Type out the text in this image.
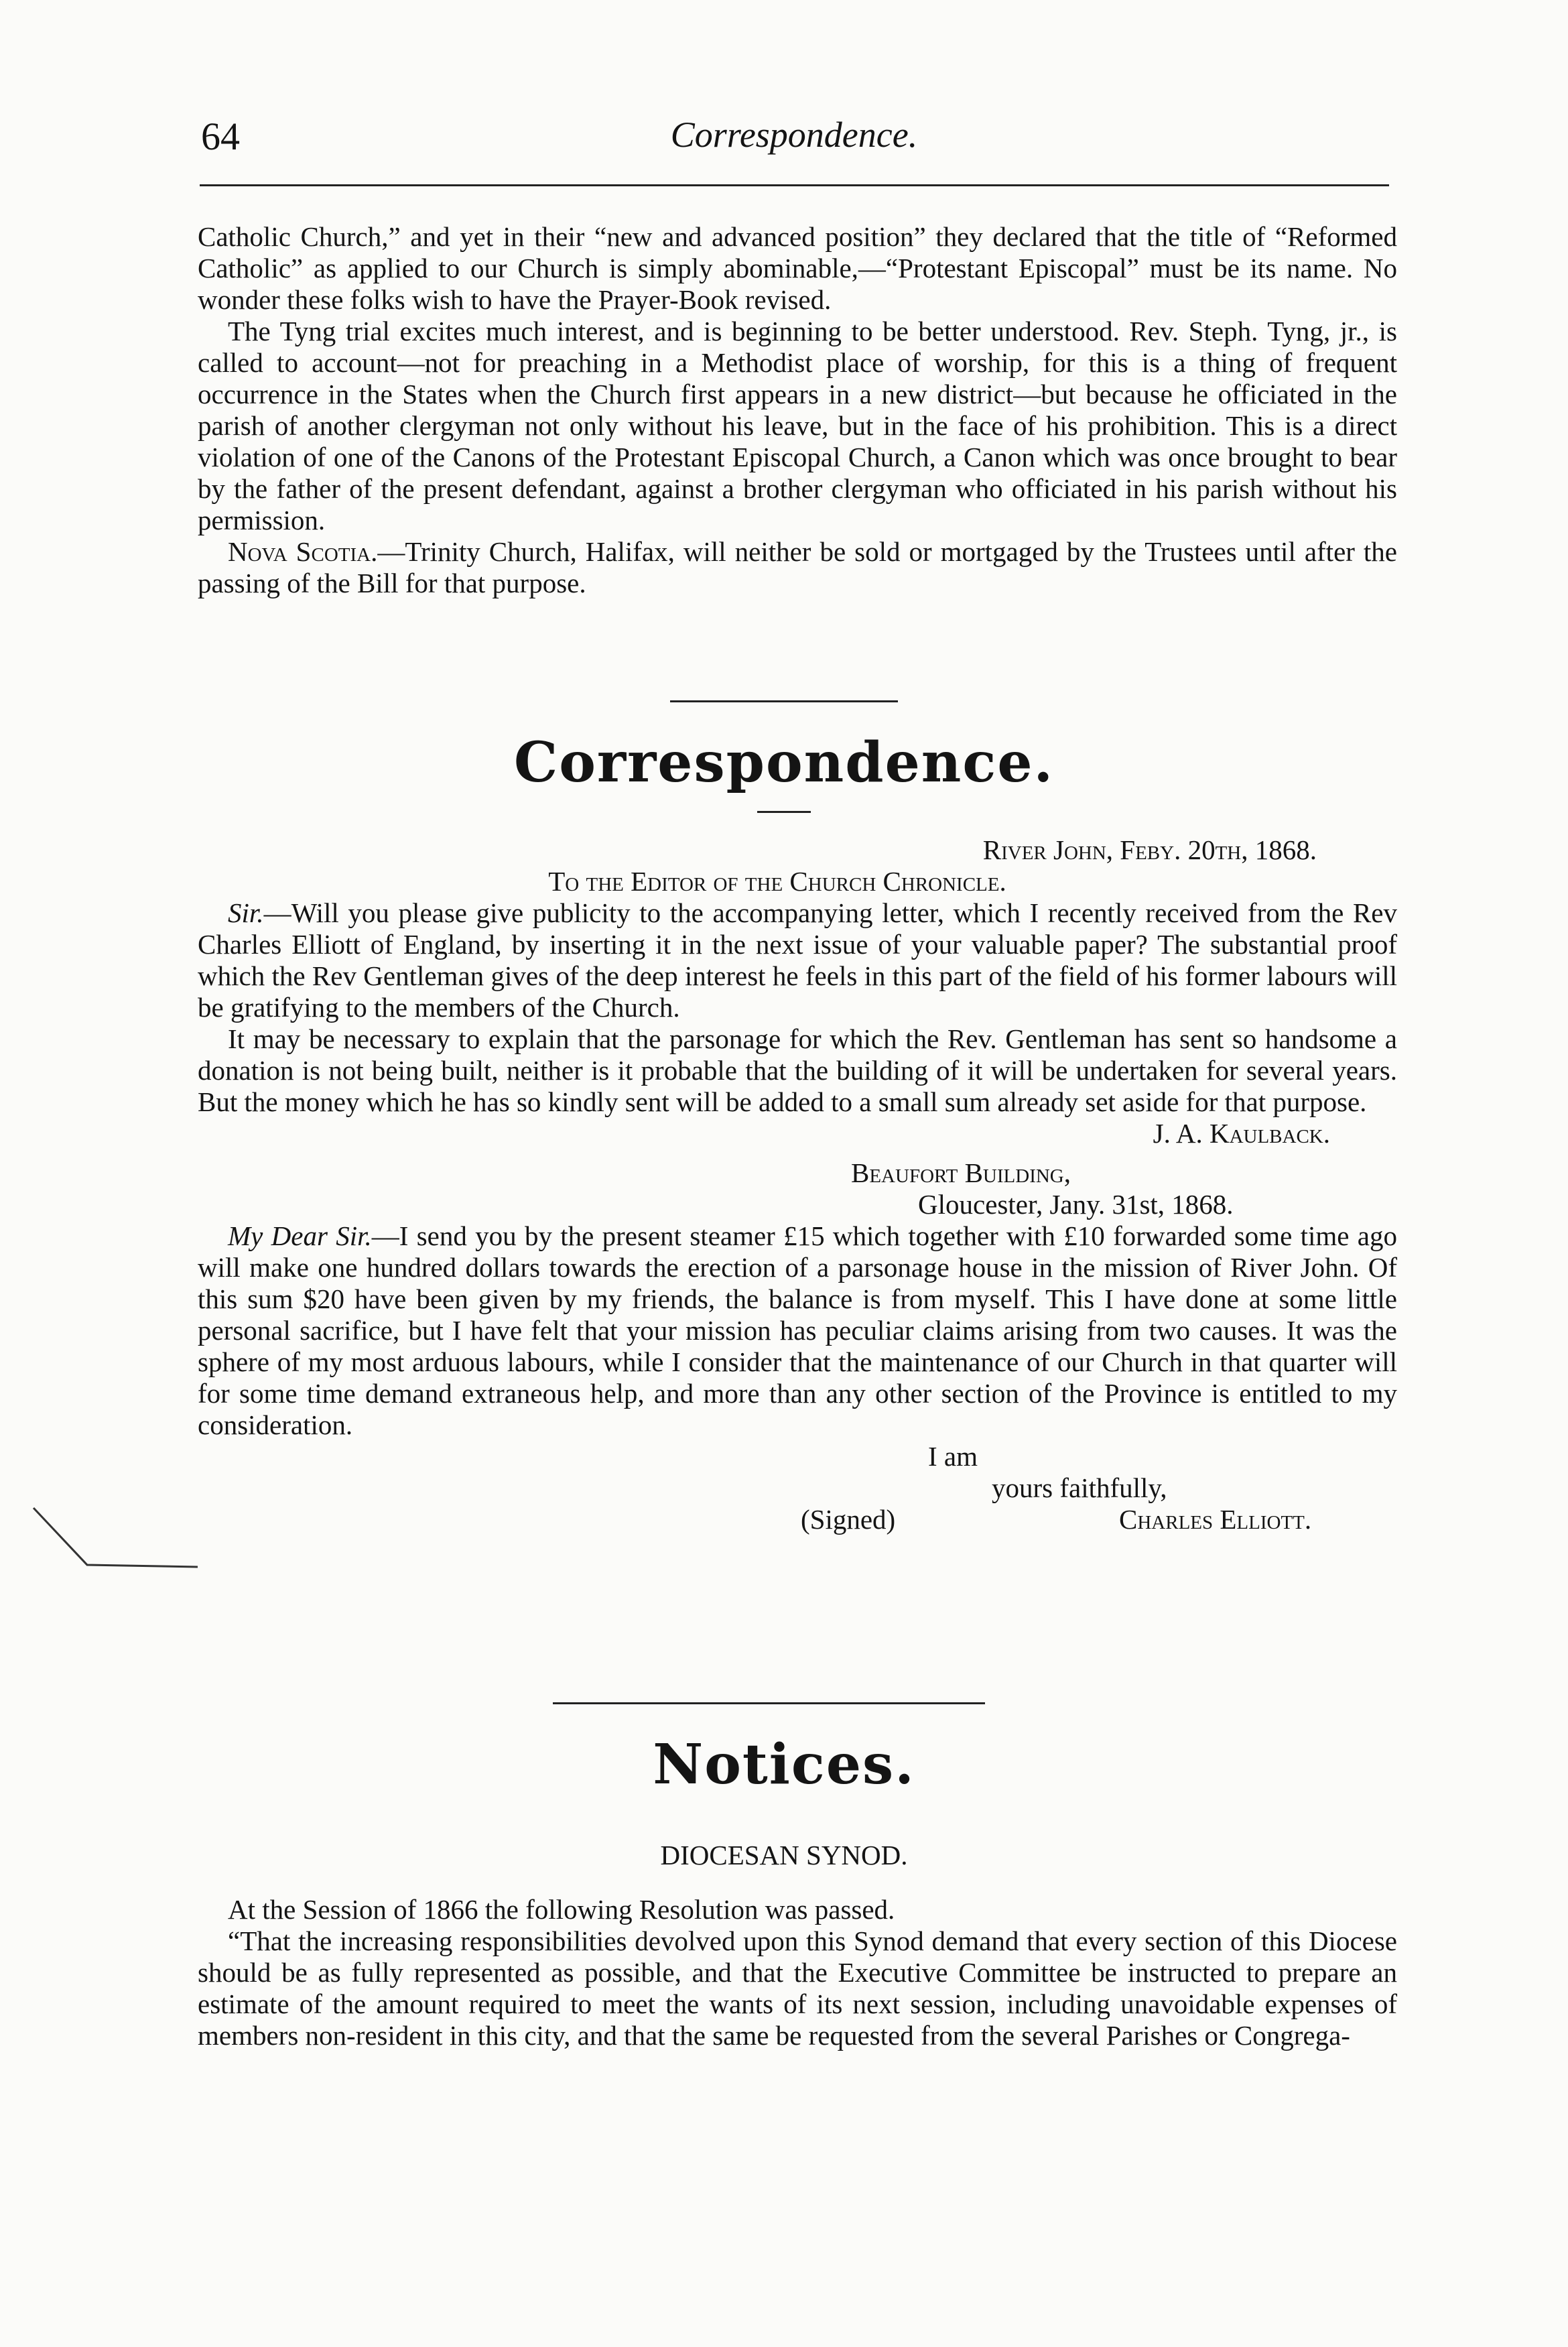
64	Correspondence.

Catholic Church,” and yet in their “new and advanced position” they declared that the title of “Reformed Catholic” as applied to our Church is simply abominable,—“Protestant Episcopal” must be its name. No wonder these folks wish to have the Prayer-Book revised.

The Tyng trial excites much interest, and is beginning to be better understood. Rev. Steph. Tyng, jr., is called to account—not for preaching in a Methodist place of worship, for this is a thing of frequent occurrence in the States when the Church first appears in a new district—but because he officiated in the parish of another clergyman not only without his leave, but in the face of his prohibition. This is a direct violation of one of the Canons of the Protestant Episcopal Church, a Canon which was once brought to bear by the father of the present defendant, against a brother clergyman who officiated in his parish without his permission.

Nova Scotia.—Trinity Church, Halifax, will neither be sold or mortgaged by the Trustees until after the passing of the Bill for that purpose.

Correspondence.

River John, Feby. 20th, 1868.

To the Editor of the Church Chronicle.

Sir.—Will you please give publicity to the accompanying letter, which I recently received from the Rev Charles Elliott of England, by inserting it in the next issue of your valuable paper? The substantial proof which the Rev Gentleman gives of the deep interest he feels in this part of the field of his former labours will be gratifying to the members of the Church.

It may be necessary to explain that the parsonage for which the Rev. Gentleman has sent so handsome a donation is not being built, neither is it probable that the building of it will be undertaken for several years. But the money which he has so kindly sent will be added to a small sum already set aside for that purpose.

J. A. Kaulback.

Beaufort Building,

Gloucester, Jany. 31st, 1868.

My Dear Sir.—I send you by the present steamer £15 which together with £10 forwarded some time ago will make one hundred dollars towards the erection of a parsonage house in the mission of River John. Of this sum $20 have been given by my friends, the balance is from myself. This I have done at some little personal sacrifice, but I have felt that your mission has peculiar claims arising from two causes. It was the sphere of my most arduous labours, while I consider that the maintenance of our Church in that quarter will for some time demand extraneous help, and more than any other section of the Province is entitled to my consideration.

I am

yours faithfully,

(Signed)	Charles Elliott.
Notices.

DIOCESAN SYNOD.

At the Session of 1866 the following Resolution was passed.

“That the increasing responsibilities devolved upon this Synod demand that every section of this Diocese should be as fully represented as possible, and that the Executive Committee be instructed to prepare an estimate of the amount required to meet the wants of its next session, including unavoidable expenses of members non-resident in this city, and that the same be requested from the several Parishes or Congrega-
